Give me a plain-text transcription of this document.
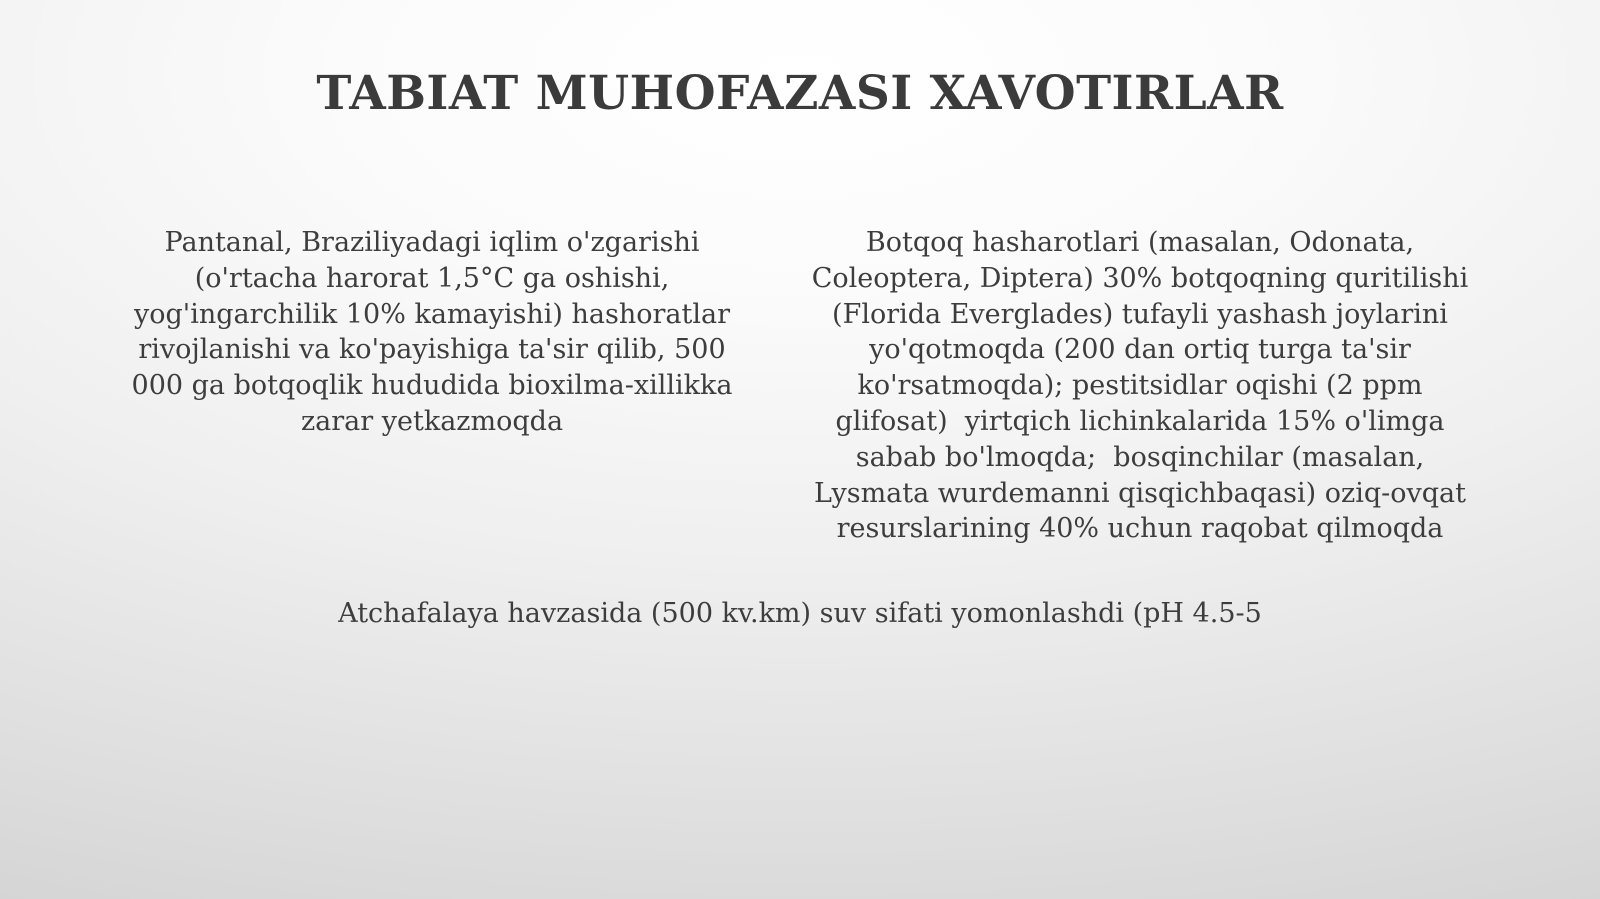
TABIAT MUHOFAZASI XAVOTIRLAR
Pantanal, Braziliyadagi iqlim o'zgarishi
(o'rtacha harorat 1,5°C ga oshishi,
yog'ingarchilik 10% kamayishi) hashoratlar
rivojlanishi va ko'payishiga ta'sir qilib, 500
000 ga botqoqlik hududida bioxilma-xillikka
zarar yetkazmoqda
Botqoq hasharotlari (masalan, Odonata,
Coleoptera, Diptera) 30% botqoqning quritilishi
(Florida Everglades) tufayli yashash joylarini
yo'qotmoqda (200 dan ortiq turga ta'sir
ko'rsatmoqda); pestitsidlar oqishi (2 ppm
glifosat)  yirtqich lichinkalarida 15% o'limga
sabab bo'lmoqda;  bosqinchilar (masalan,
Lysmata wurdemanni qisqichbaqasi) oziq-ovqat
resurslarining 40% uchun raqobat qilmoqda

Atchafalaya havzasida (500 kv.km) suv sifati yomonlashdi (pH 4.5-5
